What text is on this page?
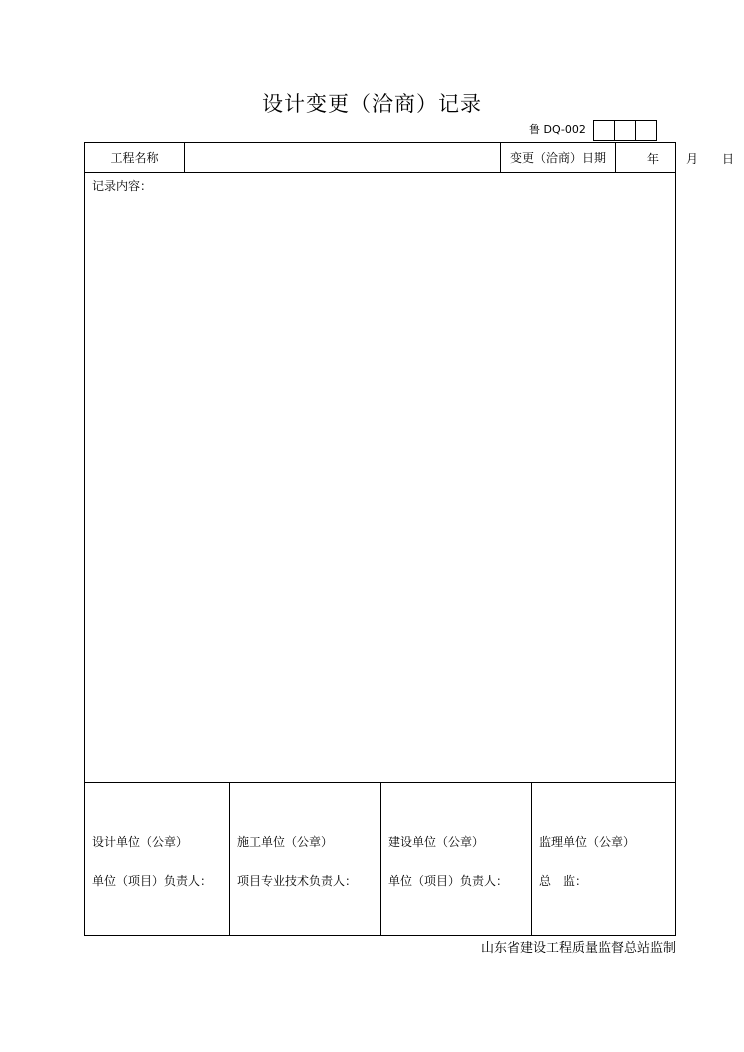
设计变更（洽商）记录
鲁 DQ-002
工程名称	变更（洽商）日期	年 月 日
记录内容：
设计单位（公章）
单位（项目）负责人：
施工单位（公章）
项目专业技术负责人：
建设单位（公章）
单位（项目）负责人：
监理单位（公章）
总　监：
山东省建设工程质量监督总站监制
